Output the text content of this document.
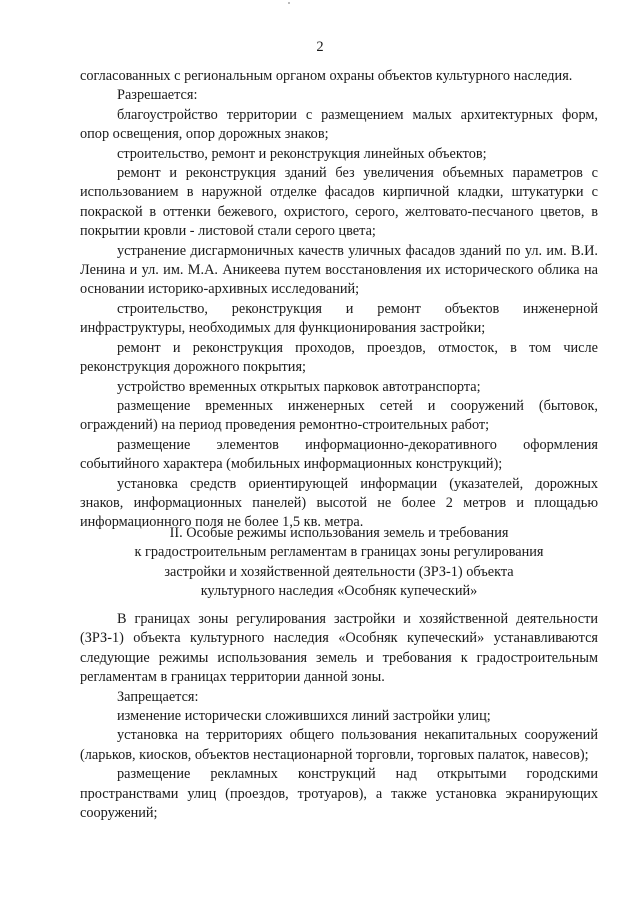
2

согласованных с региональным органом охраны объектов культурного наследия.

Разрешается:

благоустройство территории с размещением малых архитектурных форм, опор освещения, опор дорожных знаков;

строительство, ремонт и реконструкция линейных объектов;

ремонт и реконструкция зданий без увеличения объемных параметров с использованием в наружной отделке фасадов кирпичной кладки, штукатурки с покраской в оттенки бежевого, охристого, серого, желтовато-песчаного цветов, в покрытии кровли - листовой стали серого цвета;

устранение дисгармоничных качеств уличных фасадов зданий по ул. им. В.И. Ленина и ул. им. М.А. Аникеева путем восстановления их исторического облика на основании историко-архивных исследований;

строительство, реконструкция и ремонт объектов инженерной инфраструктуры, необходимых для функционирования застройки;

ремонт и реконструкция проходов, проездов, отмосток, в том числе реконструкция дорожного покрытия;

устройство временных открытых парковок автотранспорта;

размещение временных инженерных сетей и сооружений (бытовок, ограждений) на период проведения ремонтно-строительных работ;

размещение элементов информационно-декоративного оформления событийного характера (мобильных информационных конструкций);

установка средств ориентирующей информации (указателей, дорожных знаков, информационных панелей) высотой не более 2 метров и площадью информационного поля не более 1,5 кв. метра.

II. Особые режимы использования земель и требования
к градостроительным регламентам в границах зоны регулирования
застройки и хозяйственной деятельности (ЗРЗ-1) объекта
культурного наследия «Особняк купеческий»

В границах зоны регулирования застройки и хозяйственной деятельности (ЗРЗ-1) объекта культурного наследия «Особняк купеческий» устанавливаются следующие режимы использования земель и требования к градостроительным регламентам в границах территории данной зоны.

Запрещается:

изменение исторически сложившихся линий застройки улиц;

установка на территориях общего пользования некапитальных сооружений (ларьков, киосков, объектов нестационарной торговли, торговых палаток, навесов);

размещение рекламных конструкций над открытыми городскими пространствами улиц (проездов, тротуаров), а также установка экранирующих сооружений;
